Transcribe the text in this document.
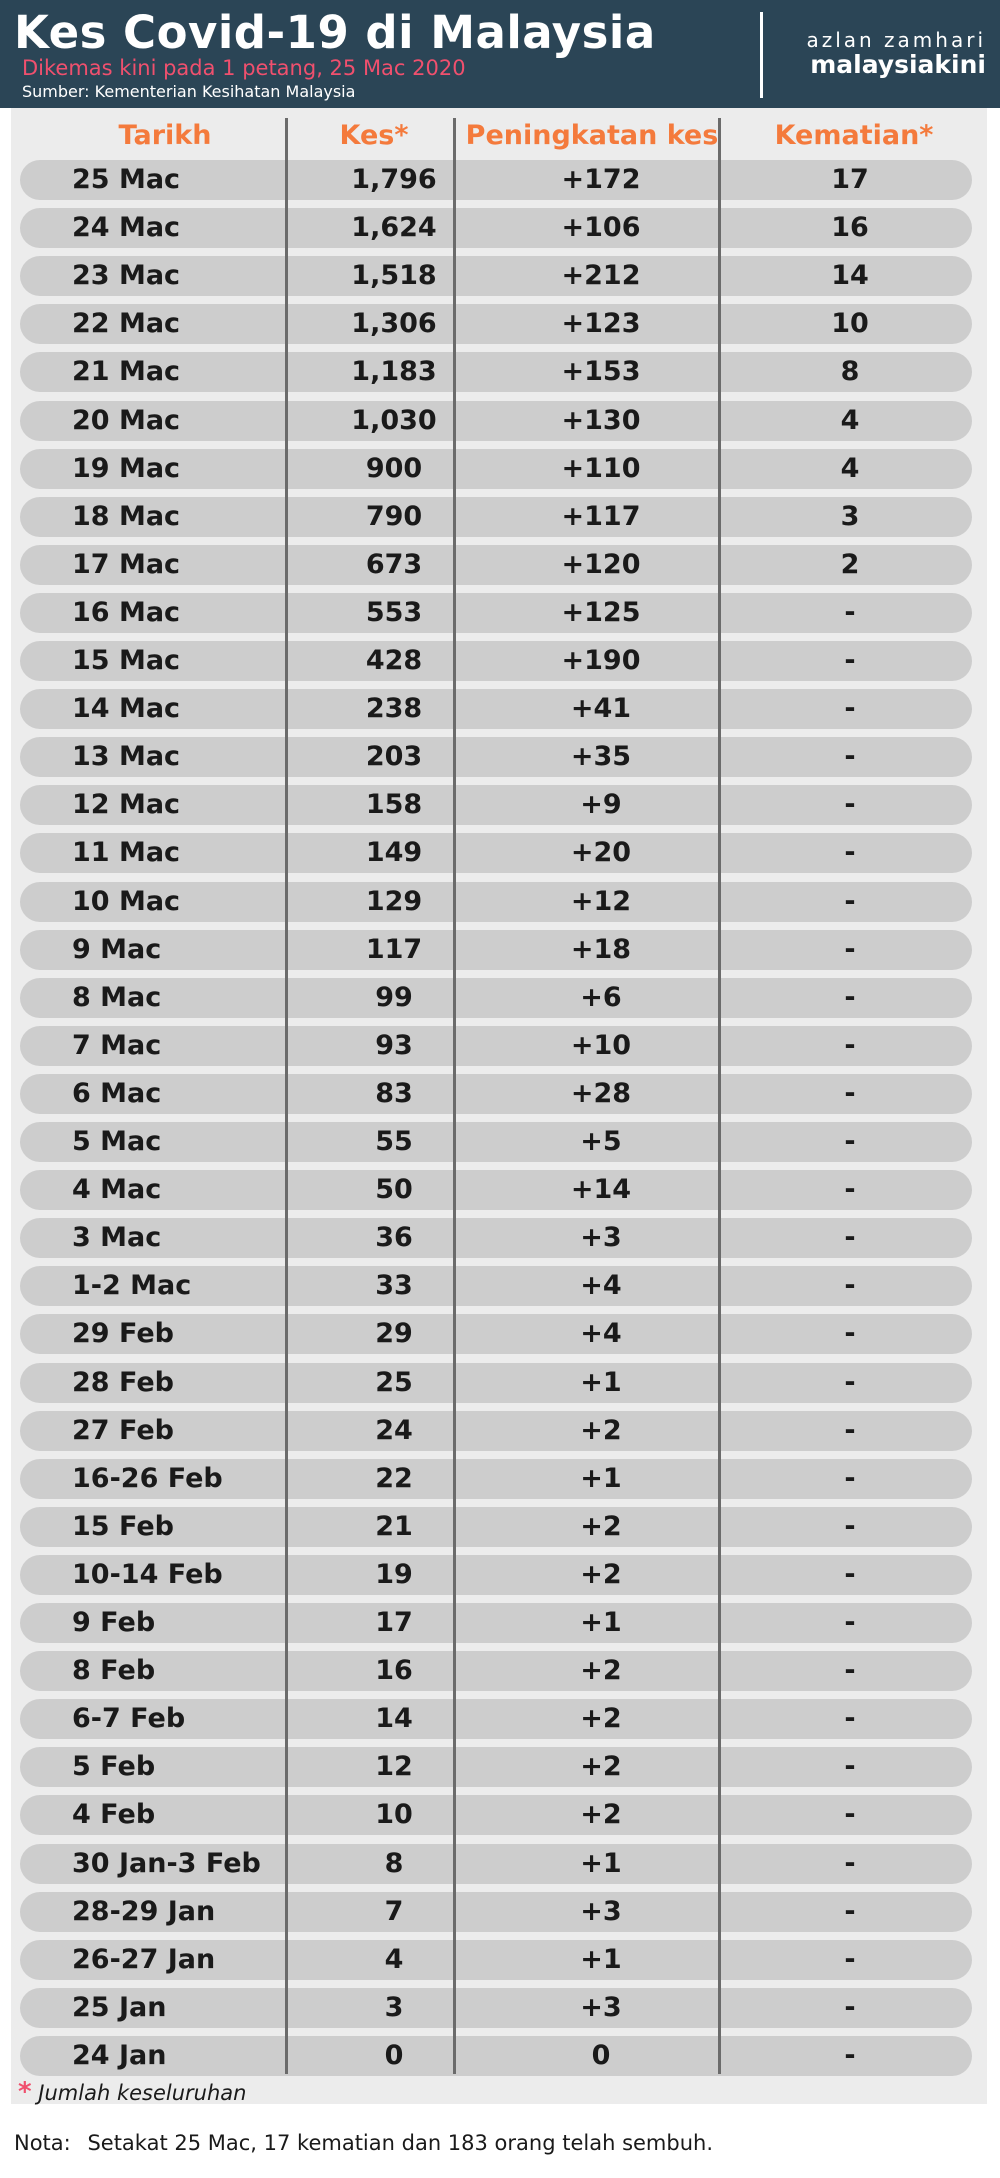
Kes Covid-19 di Malaysia
Dikemas kini pada 1 petang, 25 Mac 2020
Sumber: Kementerian Kesihatan Malaysia
azlan zamhari
malaysiakini
Tarikh	Kes*	Peningkatan kes	Kematian*
25 Mac	1,796	+172	17
24 Mac	1,624	+106	16
23 Mac	1,518	+212	14
22 Mac	1,306	+123	10
21 Mac	1,183	+153	8
20 Mac	1,030	+130	4
19 Mac	900	+110	4
18 Mac	790	+117	3
17 Mac	673	+120	2
16 Mac	553	+125	-
15 Mac	428	+190	-
14 Mac	238	+41	-
13 Mac	203	+35	-
12 Mac	158	+9	-
11 Mac	149	+20	-
10 Mac	129	+12	-
9 Mac	117	+18	-
8 Mac	99	+6	-
7 Mac	93	+10	-
6 Mac	83	+28	-
5 Mac	55	+5	-
4 Mac	50	+14	-
3 Mac	36	+3	-
1-2 Mac	33	+4	-
29 Feb	29	+4	-
28 Feb	25	+1	-
27 Feb	24	+2	-
16-26 Feb	22	+1	-
15 Feb	21	+2	-
10-14 Feb	19	+2	-
9 Feb	17	+1	-
8 Feb	16	+2	-
6-7 Feb	14	+2	-
5 Feb	12	+2	-
4 Feb	10	+2	-
30 Jan-3 Feb	8	+1	-
28-29 Jan	7	+3	-
26-27 Jan	4	+1	-
25 Jan	3	+3	-
24 Jan	0	0	-
* Jumlah keseluruhan
Nota: Setakat 25 Mac, 17 kematian dan 183 orang telah sembuh.
